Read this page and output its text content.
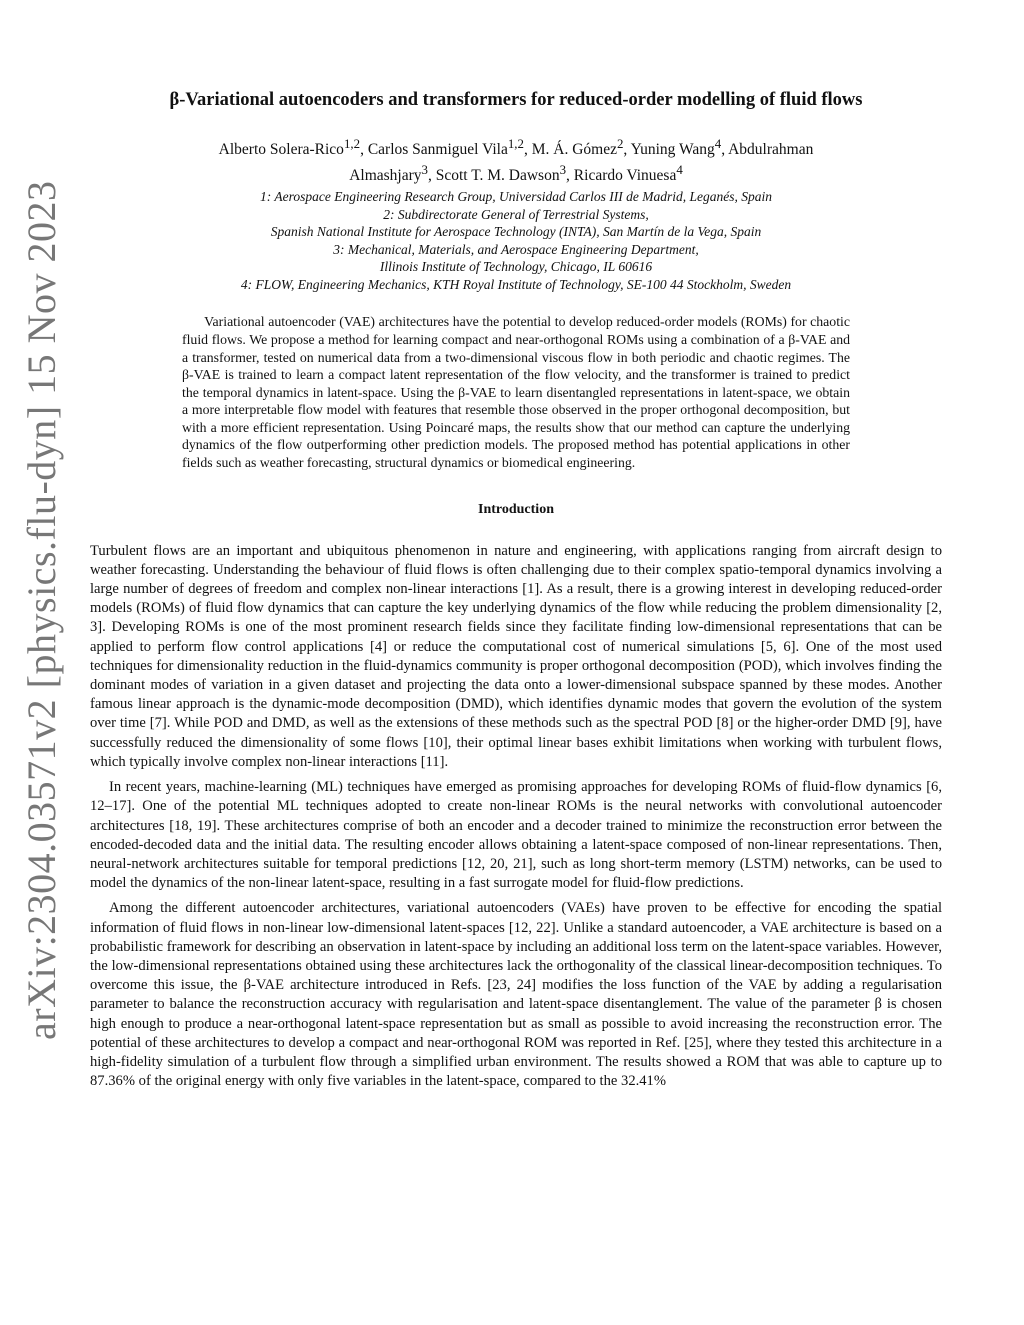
arXiv:2304.03571v2 [physics.flu-dyn] 15 Nov 2023
β-Variational autoencoders and transformers for reduced-order modelling of fluid flows
Alberto Solera-Rico$^{1,2}$, Carlos Sanmiguel Vila$^{1,2}$, M. Á. Gómez$^2$, Yuning Wang$^4$, Abdulrahman Almashjary$^3$, Scott T. M. Dawson$^3$, Ricardo Vinuesa$^4$
1: Aerospace Engineering Research Group, Universidad Carlos III de Madrid, Leganés, Spain
2: Subdirectorate General of Terrestrial Systems,
Spanish National Institute for Aerospace Technology (INTA), San Martín de la Vega, Spain
3: Mechanical, Materials, and Aerospace Engineering Department,
Illinois Institute of Technology, Chicago, IL 60616
4: FLOW, Engineering Mechanics, KTH Royal Institute of Technology, SE-100 44 Stockholm, Sweden

Variational autoencoder (VAE) architectures have the potential to develop reduced-order models (ROMs) for chaotic fluid flows. We propose a method for learning compact and near-orthogonal ROMs using a combination of a β-VAE and a transformer, tested on numerical data from a two-dimensional viscous flow in both periodic and chaotic regimes. The β-VAE is trained to learn a compact latent representation of the flow velocity, and the transformer is trained to predict the temporal dynamics in latent-space. Using the β-VAE to learn disentangled representations in latent-space, we obtain a more interpretable flow model with features that resemble those observed in the proper orthogonal decomposition, but with a more efficient representation. Using Poincaré maps, the results show that our method can capture the underlying dynamics of the flow outperforming other prediction models. The proposed method has potential applications in other fields such as weather forecasting, structural dynamics or biomedical engineering.

Introduction

Turbulent flows are an important and ubiquitous phenomenon in nature and engineering, with applications ranging from aircraft design to weather forecasting. Understanding the behaviour of fluid flows is often challenging due to their complex spatio-temporal dynamics involving a large number of degrees of freedom and complex non-linear interactions [1]. As a result, there is a growing interest in developing reduced-order models (ROMs) of fluid flow dynamics that can capture the key underlying dynamics of the flow while reducing the problem dimensionality [2, 3]. Developing ROMs is one of the most prominent research fields since they facilitate finding low-dimensional representations that can be applied to perform flow control applications [4] or reduce the computational cost of numerical simulations [5, 6]. One of the most used techniques for dimensionality reduction in the fluid-dynamics community is proper orthogonal decomposition (POD), which involves finding the dominant modes of variation in a given dataset and projecting the data onto a lower-dimensional subspace spanned by these modes. Another famous linear approach is the dynamic-mode decomposition (DMD), which identifies dynamic modes that govern the evolution of the system over time [7]. While POD and DMD, as well as the extensions of these methods such as the spectral POD [8] or the higher-order DMD [9], have successfully reduced the dimensionality of some flows [10], their optimal linear bases exhibit limitations when working with turbulent flows, which typically involve complex non-linear interactions [11].

In recent years, machine-learning (ML) techniques have emerged as promising approaches for developing ROMs of fluid-flow dynamics [6, 12–17]. One of the potential ML techniques adopted to create non-linear ROMs is the neural networks with convolutional autoencoder architectures [18, 19]. These architectures comprise of both an encoder and a decoder trained to minimize the reconstruction error between the encoded-decoded data and the initial data. The resulting encoder allows obtaining a latent-space composed of non-linear representations. Then, neural-network architectures suitable for temporal predictions [12, 20, 21], such as long short-term memory (LSTM) networks, can be used to model the dynamics of the non-linear latent-space, resulting in a fast surrogate model for fluid-flow predictions.

Among the different autoencoder architectures, variational autoencoders (VAEs) have proven to be effective for encoding the spatial information of fluid flows in non-linear low-dimensional latent-spaces [12, 22]. Unlike a standard autoencoder, a VAE architecture is based on a probabilistic framework for describing an observation in latent-space by including an additional loss term on the latent-space variables. However, the low-dimensional representations obtained using these architectures lack the orthogonality of the classical linear-decomposition techniques. To overcome this issue, the β-VAE architecture introduced in Refs. [23, 24] modifies the loss function of the VAE by adding a regularisation parameter to balance the reconstruction accuracy with regularisation and latent-space disentanglement. The value of the parameter β is chosen high enough to produce a near-orthogonal latent-space representation but as small as possible to avoid increasing the reconstruction error. The potential of these architectures to develop a compact and near-orthogonal ROM was reported in Ref. [25], where they tested this architecture in a high-fidelity simulation of a turbulent flow through a simplified urban environment. The results showed a ROM that was able to capture up to 87.36% of the original energy with only five variables in the latent-space, compared to the 32.41%
